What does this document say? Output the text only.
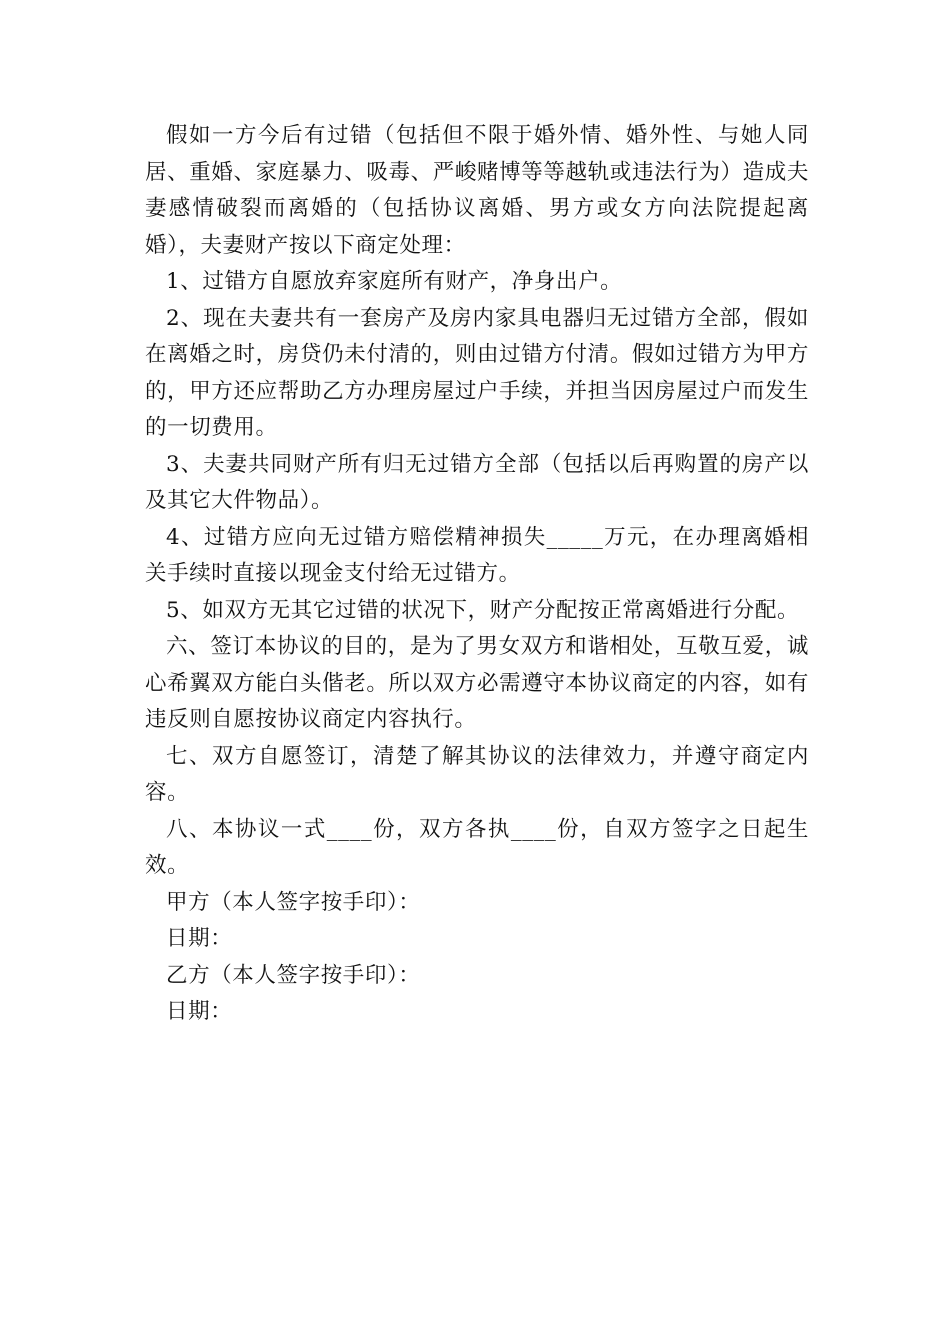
假如一方今后有过错（包括但不限于婚外情、婚外性、与她人同居、重婚、家庭暴力、吸毒、严峻赌博等等越轨或违法行为）造成夫妻感情破裂而离婚的（包括协议离婚、男方或女方向法院提起离婚），夫妻财产按以下商定处理：

1、过错方自愿放弃家庭所有财产，净身出户。

2、现在夫妻共有一套房产及房内家具电器归无过错方全部，假如在离婚之时，房贷仍未付清的，则由过错方付清。假如过错方为甲方的，甲方还应帮助乙方办理房屋过户手续，并担当因房屋过户而发生的一切费用。

3、夫妻共同财产所有归无过错方全部（包括以后再购置的房产以及其它大件物品）。

4、过错方应向无过错方赔偿精神损失_____万元，在办理离婚相关手续时直接以现金支付给无过错方。

5、如双方无其它过错的状况下，财产分配按正常离婚进行分配。

六、签订本协议的目的，是为了男女双方和谐相处，互敬互爱，诚心希翼双方能白头偕老。所以双方必需遵守本协议商定的内容，如有违反则自愿按协议商定内容执行。

七、双方自愿签订，清楚了解其协议的法律效力，并遵守商定内容。

八、本协议一式____份，双方各执____份，自双方签字之日起生效。

甲方（本人签字按手印）：

日期：

乙方（本人签字按手印）：

日期：
